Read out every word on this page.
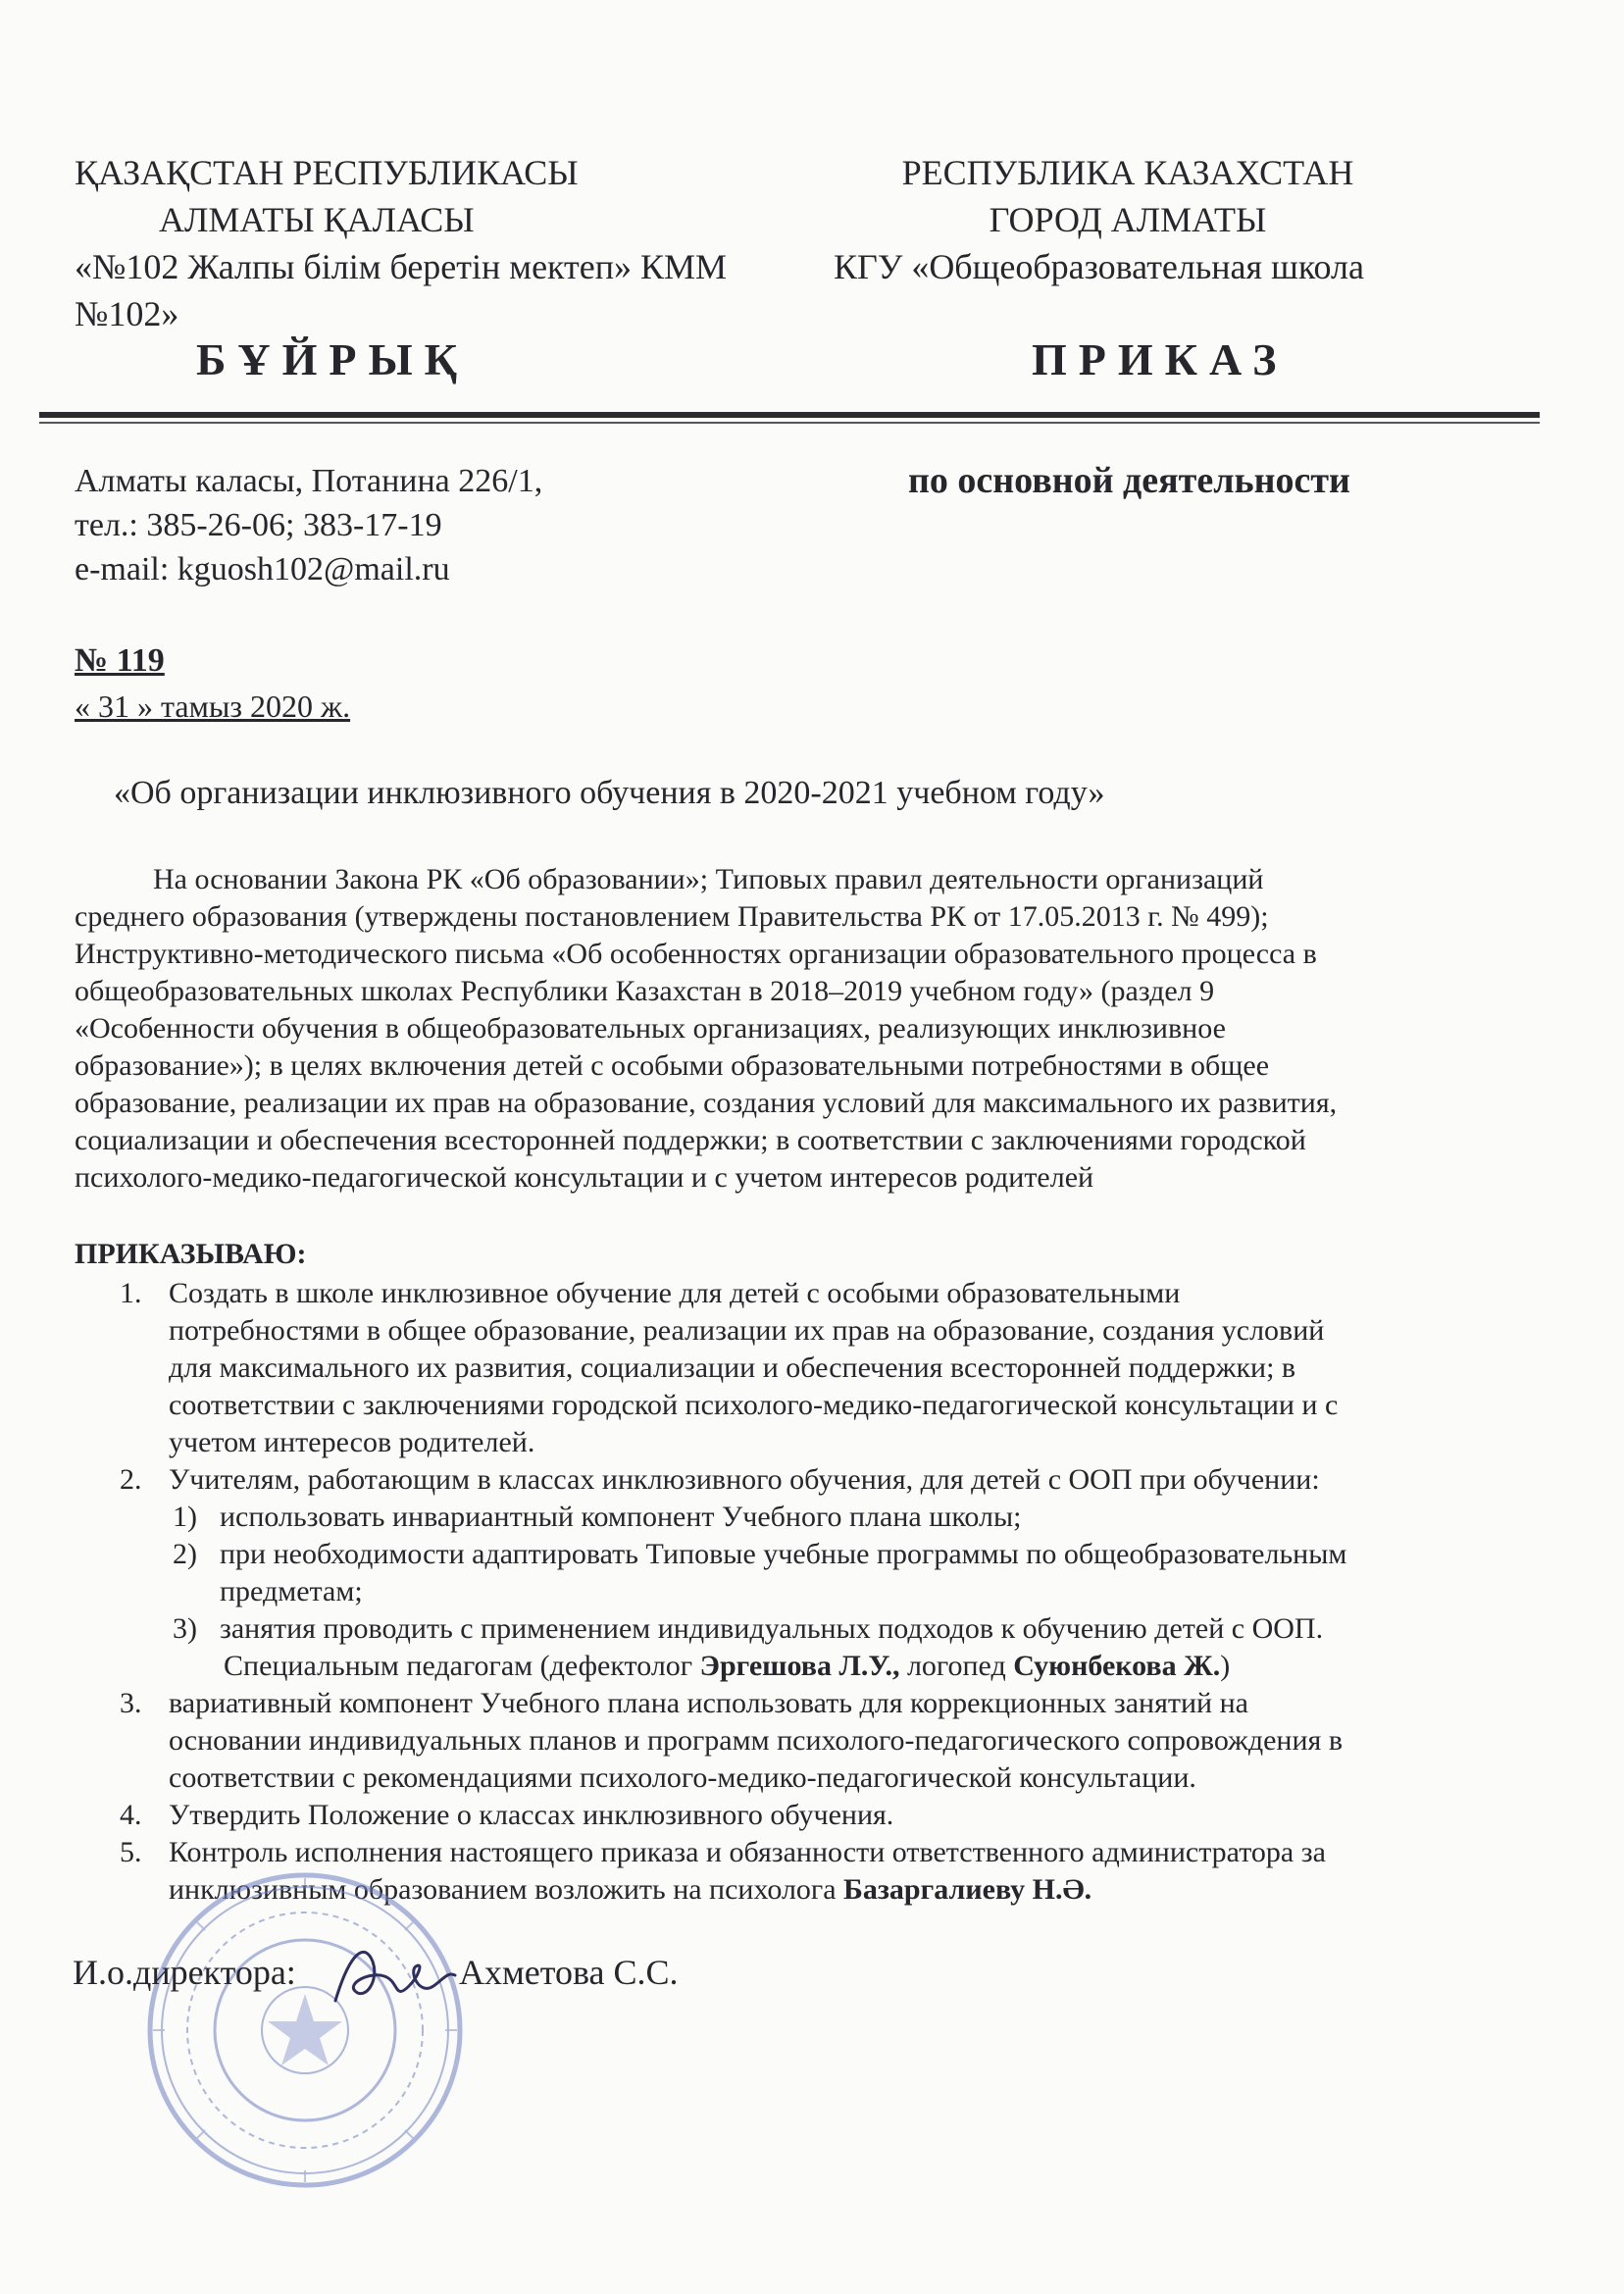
ҚАЗАҚСТАН РЕСПУБЛИКАСЫ
АЛМАТЫ ҚАЛАСЫ
«№102 Жалпы білім беретін мектеп» КММ
№102»
РЕСПУБЛИКА КАЗАХСТАН
ГОРОД АЛМАТЫ
КГУ «Общеобразовательная школа
БҰЙРЫҚ	ПРИКАЗ
Алматы каласы, Потанина 226/1,
тел.: 385-26-06; 383-17-19
e-mail: kguosh102@mail.ru
по основной деятельности
№ 119
« 31 » тамыз 2020 ж.
«Об организации инклюзивного обучения в 2020-2021 учебном году»
На основании Закона РК «Об образовании»; Типовых правил деятельности организаций
среднего образования (утверждены постановлением Правительства РК от 17.05.2013 г. № 499);
Инструктивно-методического письма «Об особенностях организации образовательного процесса в
общеобразовательных школах Республики Казахстан в 2018–2019 учебном году» (раздел 9
«Особенности обучения в общеобразовательных организациях, реализующих инклюзивное
образование»); в целях включения детей с особыми образовательными потребностями в общее
образование, реализации их прав на образование, создания условий для максимального их развития,
социализации и обеспечения всесторонней поддержки; в соответствии с заключениями городской
психолого-медико-педагогической консультации и с учетом интересов родителей
ПРИКАЗЫВАЮ:
1. Создать в школе инклюзивное обучение для детей с особыми образовательными
потребностями в общее образование, реализации их прав на образование, создания условий
для максимального их развития, социализации и обеспечения всесторонней поддержки; в
соответствии с заключениями городской психолого-медико-педагогической консультации и с
учетом интересов родителей.
2. Учителям, работающим в классах инклюзивного обучения, для детей с ООП при обучении:
1) использовать инвариантный компонент Учебного плана школы;
2) при необходимости адаптировать Типовые учебные программы по общеобразовательным
предметам;
3) занятия проводить с применением индивидуальных подходов к обучению детей с ООП.
Специальным педагогам (дефектолог Эргешова Л.У., логопед Суюнбекова Ж.)
3. вариативный компонент Учебного плана использовать для коррекционных занятий на
основании индивидуальных планов и программ психолого-педагогического сопровождения в
соответствии с рекомендациями психолого-медико-педагогической консультации.
4. Утвердить Положение о классах инклюзивного обучения.
5. Контроль исполнения настоящего приказа и обязанности ответственного администратора за
инклюзивным образованием возложить на психолога Базаргалиеву Н.Ә.
И.о.директора:	Ахметова С.С.
